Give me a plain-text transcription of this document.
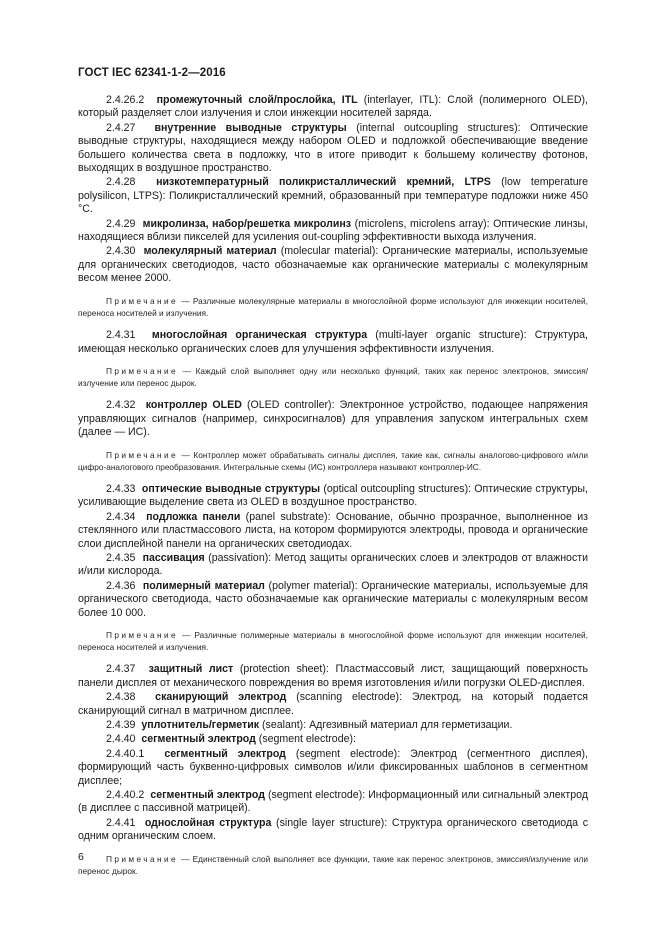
ГОСТ IEC 62341-1-2—2016

2.4.26.2 промежуточный слой/прослойка, ITL (interlayer, ITL): Слой (полимерного OLED), который разделяет слои излучения и слои инжекции носителей заряда.

2.4.27 внутренние выводные структуры (internal outcoupling structures): Оптические выводные структуры, находящиеся между набором OLED и подложкой обеспечивающие введение большего количества света в подложку, что в итоге приводит к большему количеству фотонов, выходящих в воздушное пространство.

2.4.28 низкотемпературный поликристаллический кремний, LTPS (low temperature polysilicon, LTPS): Поликристаллический кремний, образованный при температуре подложки ниже 450 °C.

2.4.29 микролинза, набор/решетка микролинз (microlens, microlens array): Оптические линзы, находящиеся вблизи пикселей для усиления out-coupling эффективности выхода излучения.

2.4.30 молекулярный материал (molecular material): Органические материалы, используемые для органических светодиодов, часто обозначаемые как органические материалы с молекулярным весом менее 2000.

Примечание — Различные молекулярные материалы в многослойной форме используют для инжекции носителей, переноса носителей и излучения.

2.4.31 многослойная органическая структура (multi-layer organic structure): Структура, имеющая несколько органических слоев для улучшения эффективности излучения.

Примечание — Каждый слой выполняет одну или несколько функций, таких как перенос электронов, эмиссия/излучение или перенос дырок.

2.4.32 контроллер OLED (OLED controller): Электронное устройство, подающее напряжения управляющих сигналов (например, синхросигналов) для управления запуском интегральных схем (далее — ИС).

Примечание — Контроллер может обрабатывать сигналы дисплея, такие как, сигналы аналогово-цифрового и/или цифро-аналогового преобразования. Интегральные схемы (ИС) контроллера называют контроллер-ИС.

2.4.33 оптические выводные структуры (optical outcoupling structures): Оптические структуры, усиливающие выделение света из OLED в воздушное пространство.

2.4.34 подложка панели (panel substrate): Основание, обычно прозрачное, выполненное из стеклянного или пластмассового листа, на котором формируются электроды, провода и органические слои дисплейной панели на органических светодиодах.

2.4.35 пассивация (passivation): Метод защиты органических слоев и электродов от влажности и/или кислорода.

2.4.36 полимерный материал (polymer material): Органические материалы, используемые для органического светодиода, часто обозначаемые как органические материалы с молекулярным весом более 10 000.

Примечание — Различные полимерные материалы в многослойной форме используют для инжекции носителей, переноса носителей и излучения.

2.4.37 защитный лист (protection sheet): Пластмассовый лист, защищающий поверхность панели дисплея от механического повреждения во время изготовления и/или погрузки OLED-дисплея.

2.4.38 сканирующий электрод (scanning electrode): Электрод, на который подается сканирующий сигнал в матричном дисплее.

2.4.39 уплотнитель/герметик (sealant): Адгезивный материал для герметизации.

2.4.40 сегментный электрод (segment electrode):

2.4.40.1 сегментный электрод (segment electrode): Электрод (сегментного дисплея), формирующий часть буквенно-цифровых символов и/или фиксированных шаблонов в сегментном дисплее;

2.4.40.2 сегментный электрод (segment electrode): Информационный или сигнальный электрод (в дисплее с пассивной матрицей).

2.4.41 однослойная структура (single layer structure): Структура органического светодиода с одним органическим слоем.

Примечание — Единственный слой выполняет все функции, такие как перенос электронов, эмиссия/излучение или перенос дырок.

6
